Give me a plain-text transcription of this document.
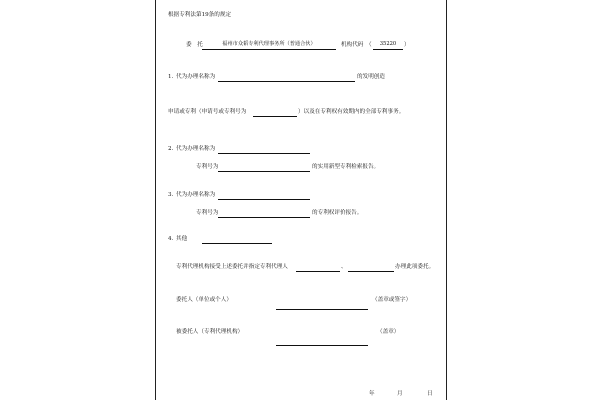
根据专利法第19条的规定
委　托	福州市众韬专利代理事务所（普通合伙）	机构代码 （	35220	）
1. 代为办理名称为	的发明创造
申请或专利（申请号或专利号为	）以及在专利权有效期内的全部专利事务。
2. 代为办理名称为
专利号为	的实用新型专利检索报告。
3. 代为办理名称为
专利号为	的专利权评价报告。
4. 其他
专利代理机构接受上述委托并指定专利代理人	、	办理此项委托。
委托人（单位或个人）	（盖章或签字）
被委托人（专利代理机构）	（盖章）
年	月	日
